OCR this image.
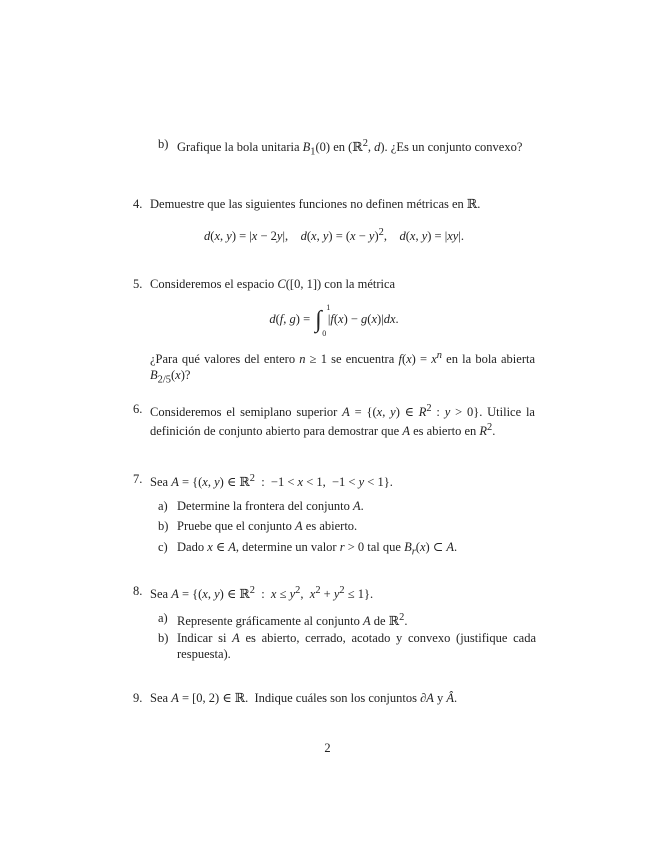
b) Grafique la bola unitaria $B_1(0)$ en (ℝ$^2$, d). ¿Es un conjunto convexo?
4. Demuestre que las siguientes funciones no definen métricas en ℝ.
d(x, y) = |x − 2y|,    d(x, $y) = (x - y)^2$,    d(x, y) = |xy|.
5. Consideremos el espacio C([0, 1]) con la métrica
d(f, g) = ∫ 1
0
|f(x) − g(x)|dx.
¿Para qué valores del entero n ≥ 1 se encuentra $f(x) = x^n$ en la bola abierta $B_{2/5}(x)$?
6. Consideremos el semiplano superior A = {(x, y) ∈ $R^2$ : y > 0}. Utilice la definición de conjunto abierto para demostrar que A es abierto en $R^2$.
7. Sea A = {(x, y) ∈ ℝ$^2$  :  −1 < x < 1,  −1 < y < 1}.
a) Determine la frontera del conjunto A.
b) Pruebe que el conjunto A es abierto.
c) Dado x ∈ A, determine un valor r > 0 tal que $B_r(x)$ ⊂ A.
8. Sea A = {(x, y) ∈ ℝ$^2$  :  $x \le y^2$,  $x^2 + y^2 \le 1$}.
a) Represente gráficamente al conjunto A de ℝ$^2$.
b) Indicar si A es abierto, cerrado, acotado y convexo (justifique cada respuesta).
9. Sea A = [0, 2) ∈ ℝ.  Indique cuáles son los conjuntos ∂A y Â.
2
